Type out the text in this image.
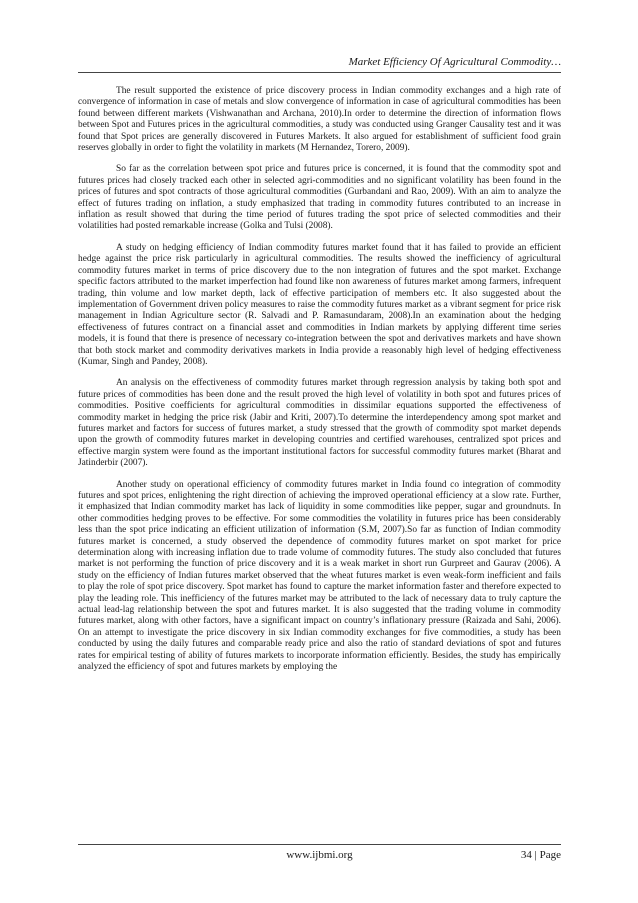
Market Efficiency Of Agricultural Commodity…

The result supported the existence of price discovery process in Indian commodity exchanges and a high rate of convergence of information in case of metals and slow convergence of information in case of agricultural commodities has been found between different markets (Vishwanathan and Archana, 2010).In order to determine the direction of information flows between Spot and Futures prices in the agricultural commodities, a study was conducted using Granger Causality test and it was found that Spot prices are generally discovered in Futures Markets. It also argued for establishment of sufficient food grain reserves globally in order to fight the volatility in markets (M Hernandez, Torero, 2009).

So far as the correlation between spot price and futures price is concerned, it is found that the commodity spot and futures prices had closely tracked each other in selected agri-commodities and no significant volatility has been found in the prices of futures and spot contracts of those agricultural commodities (Gurbandani and Rao, 2009). With an aim to analyze the effect of futures trading on inflation, a study emphasized that trading in commodity futures contributed to an increase in inflation as result showed that during the time period of futures trading the spot price of selected commodities and their volatilities had posted remarkable increase (Golka and Tulsi (2008).

A study on hedging efficiency of Indian commodity futures market found that it has failed to provide an efficient hedge against the price risk particularly in agricultural commodities. The results showed the inefficiency of agricultural commodity futures market in terms of price discovery due to the non integration of futures and the spot market. Exchange specific factors attributed to the market imperfection had found like non awareness of futures market among farmers, infrequent trading, thin volume and low market depth, lack of effective participation of members etc. It also suggested about the implementation of Government driven policy measures to raise the commodity futures market as a vibrant segment for price risk management in Indian Agriculture sector (R. Salvadi and P. Ramasundaram, 2008).In an examination about the hedging effectiveness of futures contract on a financial asset and commodities in Indian markets by applying different time series models, it is found that there is presence of necessary co-integration between the spot and derivatives markets and have shown that both stock market and commodity derivatives markets in India provide a reasonably high level of hedging effectiveness (Kumar, Singh and Pandey, 2008).

An analysis on the effectiveness of commodity futures market through regression analysis by taking both spot and future prices of commodities has been done and the result proved the high level of volatility in both spot and futures prices of commodities. Positive coefficients for agricultural commodities in dissimilar equations supported the effectiveness of commodity market in hedging the price risk (Jabir and Kriti, 2007).To determine the interdependency among spot market and futures market and factors for success of futures market, a study stressed that the growth of commodity spot market depends upon the growth of commodity futures market in developing countries and certified warehouses, centralized spot prices and effective margin system were found as the important institutional factors for successful commodity futures market (Bharat and Jatinderbir (2007).

Another study on operational efficiency of commodity futures market in India found co integration of commodity futures and spot prices, enlightening the right direction of achieving the improved operational efficiency at a slow rate. Further, it emphasized that Indian commodity market has lack of liquidity in some commodities like pepper, sugar and groundnuts. In other commodities hedging proves to be effective. For some commodities the volatility in futures price has been considerably less than the spot price indicating an efficient utilization of information (S.M, 2007).So far as function of Indian commodity futures market is concerned, a study observed the dependence of commodity futures market on spot market for price determination along with increasing inflation due to trade volume of commodity futures. The study also concluded that futures market is not performing the function of price discovery and it is a weak market in short run Gurpreet and Gaurav (2006). A study on the efficiency of Indian futures market observed that the wheat futures market is even weak-form inefficient and fails to play the role of spot price discovery. Spot market has found to capture the market information faster and therefore expected to play the leading role. This inefficiency of the futures market may be attributed to the lack of necessary data to truly capture the actual lead-lag relationship between the spot and futures market. It is also suggested that the trading volume in commodity futures market, along with other factors, have a significant impact on country’s inflationary pressure (Raizada and Sahi, 2006). On an attempt to investigate the price discovery in six Indian commodity exchanges for five commodities, a study has been conducted by using the daily futures and comparable ready price and also the ratio of standard deviations of spot and futures rates for empirical testing of ability of futures markets to incorporate information efficiently. Besides, the study has empirically analyzed the efficiency of spot and futures markets by employing the

www.ijbmi.org	34 | Page
